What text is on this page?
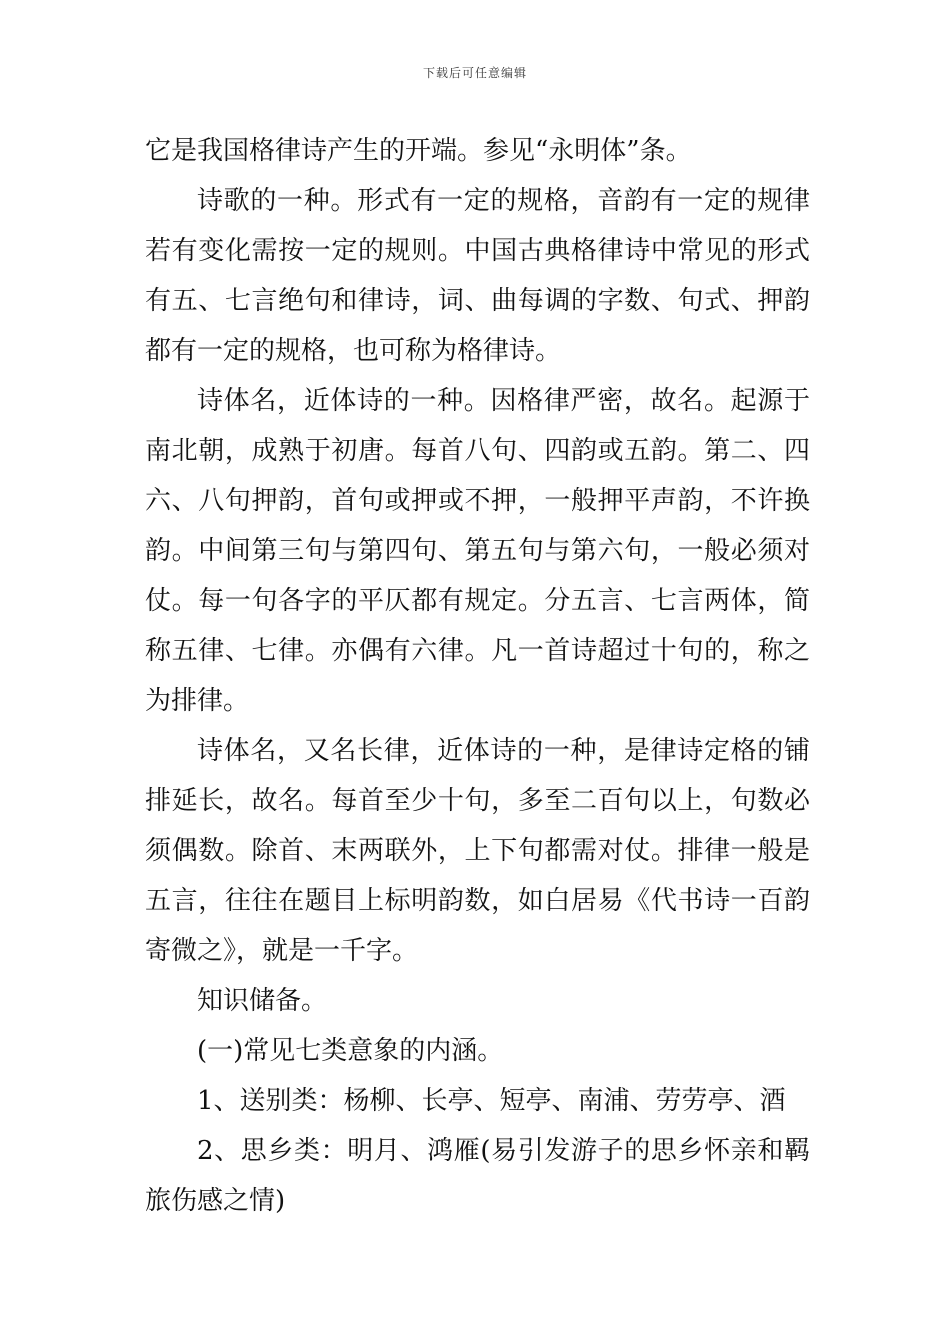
下载后可任意编辑

它是我国格律诗产生的开端。参见“永明体”条。

诗歌的一种。形式有一定的规格，音韵有一定的规律若有变化需按一定的规则。中国古典格律诗中常见的形式有五、七言绝句和律诗，词、曲每调的字数、句式、押韵都有一定的规格，也可称为格律诗。

诗体名，近体诗的一种。因格律严密，故名。起源于南北朝，成熟于初唐。每首八句、四韵或五韵。第二、四六、八句押韵，首句或押或不押，一般押平声韵，不许换韵。中间第三句与第四句、第五句与第六句，一般必须对仗。每一句各字的平仄都有规定。分五言、七言两体，简称五律、七律。亦偶有六律。凡一首诗超过十句的，称之为排律。

诗体名，又名长律，近体诗的一种，是律诗定格的铺排延长，故名。每首至少十句，多至二百句以上，句数必须偶数。除首、末两联外，上下句都需对仗。排律一般是五言，往往在题目上标明韵数，如白居易《代书诗一百韵寄微之》，就是一千字。

知识储备。

(一)常见七类意象的内涵。

1、送别类：杨柳、长亭、短亭、南浦、劳劳亭、酒

2、思乡类：明月、鸿雁(易引发游子的思乡怀亲和羁旅伤感之情)
